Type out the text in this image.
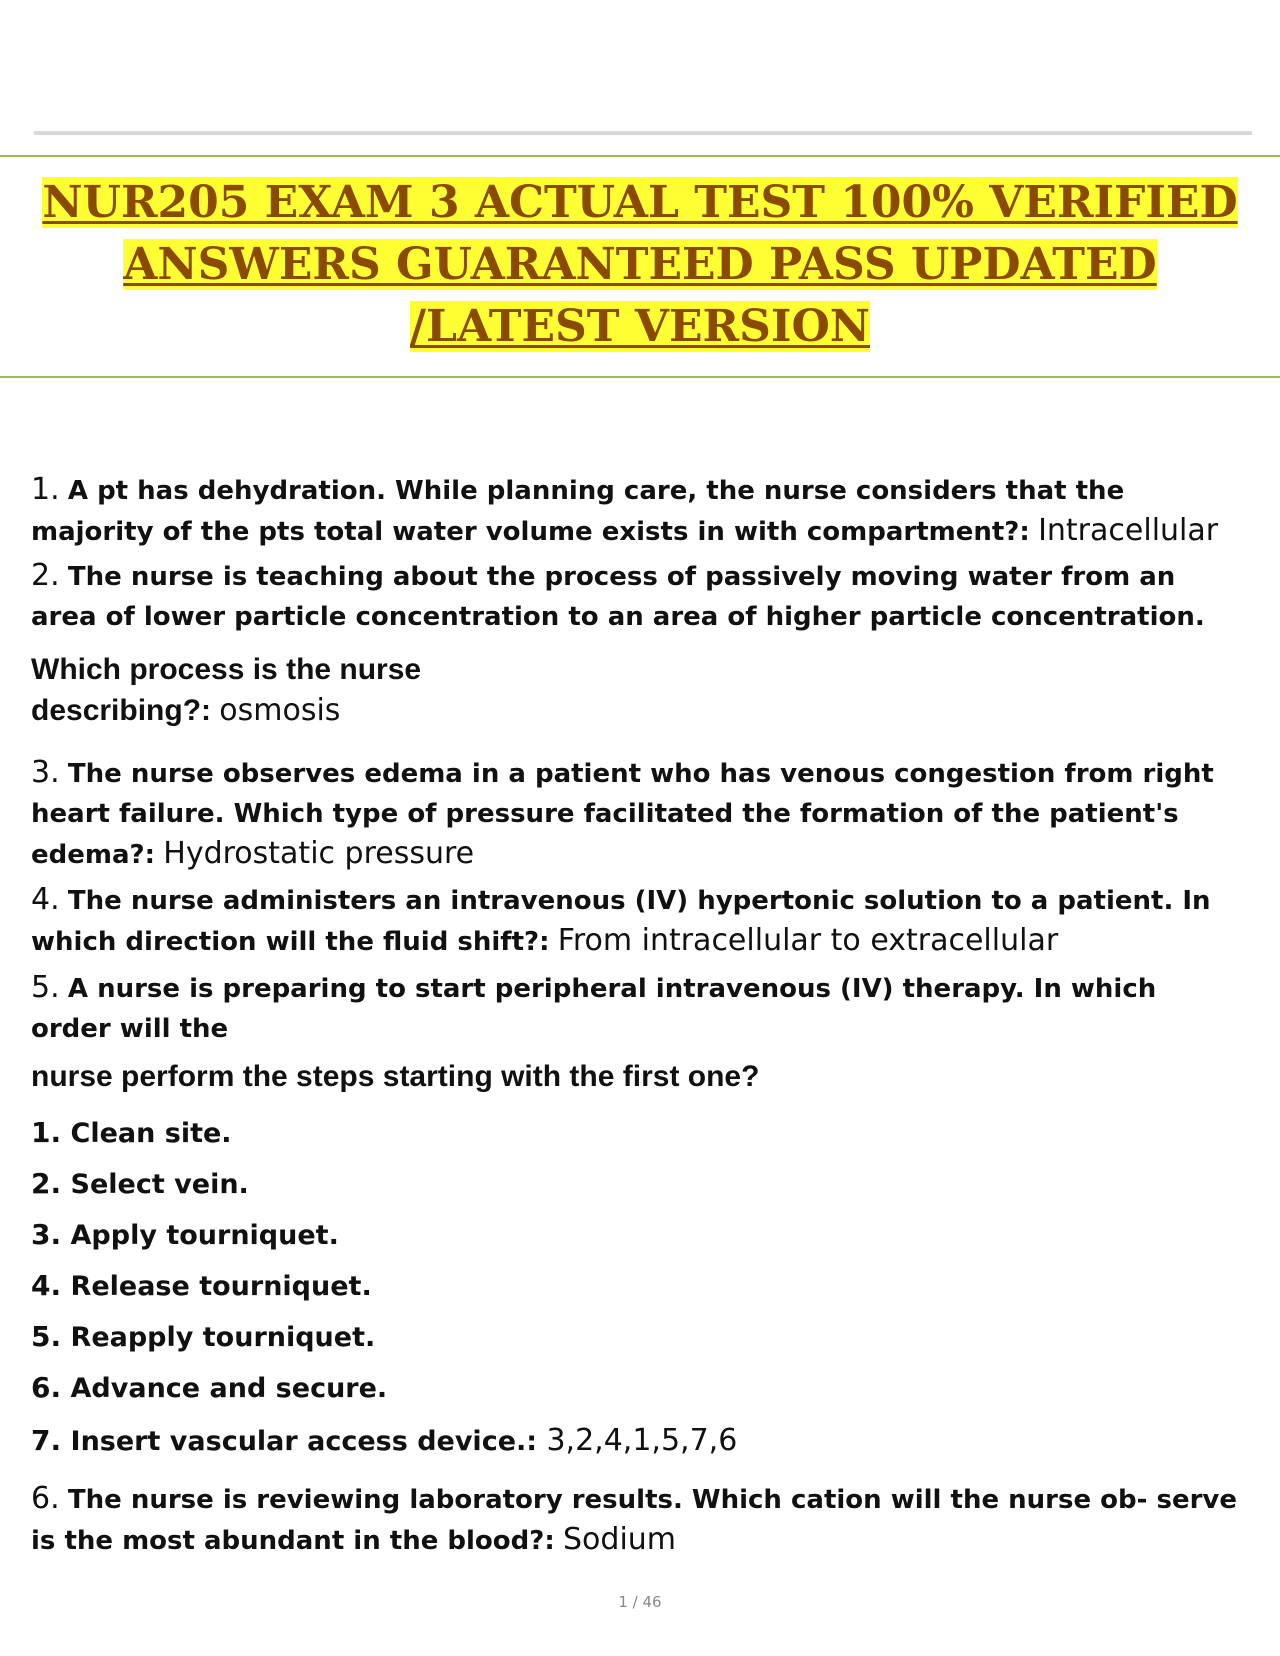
NUR205 EXAM 3 ACTUAL TEST 100% VERIFIED
ANSWERS GUARANTEED PASS UPDATED
/LATEST VERSION
1. A pt has dehydration. While planning care, the nurse considers that the majority of the pts total water volume exists in with compartment?: Intracellular
2. The nurse is teaching about the process of passively moving water from an area of lower particle concentration to an area of higher particle concentration.
Which process is the nurse
describing?: osmosis
3. The nurse observes edema in a patient who has venous congestion from right heart failure. Which type of pressure facilitated the formation of the patient's edema?: Hydrostatic pressure
4. The nurse administers an intravenous (IV) hypertonic solution to a patient. In which direction will the fluid shift?: From intracellular to extracellular
5. A nurse is preparing to start peripheral intravenous (IV) therapy. In which order will the
nurse perform the steps starting with the first one?
1. Clean site.
2. Select vein.
3. Apply tourniquet.
4. Release tourniquet.
5. Reapply tourniquet.
6. Advance and secure.
7. Insert vascular access device.: 3,2,4,1,5,7,6
6. The nurse is reviewing laboratory results. Which cation will the nurse ob- serve is the most abundant in the blood?: Sodium
1 / 46
